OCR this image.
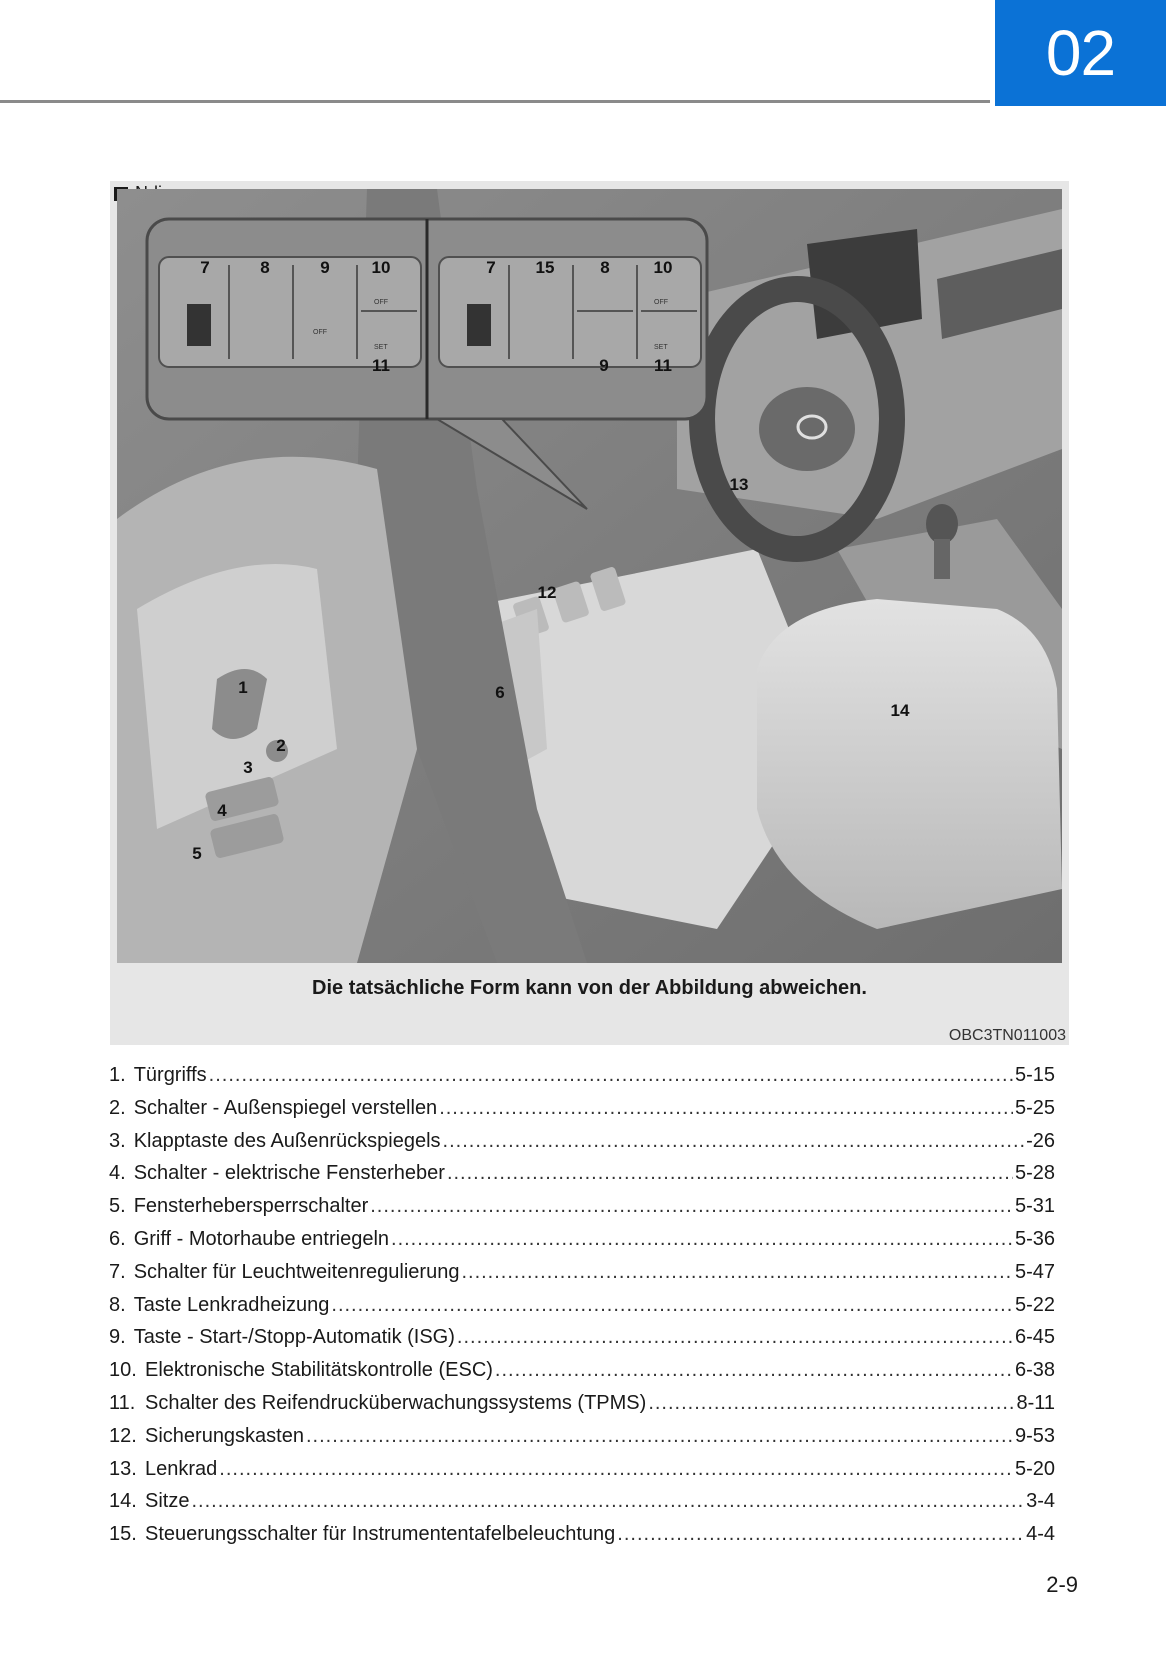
02
OFF
SET
OFF
OFF
SET
7	8	9 10
11
7 15	8	10
9	11
1
2
3
4
5
6
12
13
14
Die tatsächliche Form kann von der Abbildung abweichen.
OBC3TN011003
1. Türgriffs .....	5-15
2. Schalter - Außenspiegel verstellen .....	5-25
3. Klapptaste des Außenrückspiegels .....	-26
4. Schalter - elektrische Fensterheber .....	5-28
5. Fensterhebersperrschalter .....	5-31
6. Griff - Motorhaube entriegeln .....	5-36
7. Schalter für Leuchtweitenregulierung .....	5-47
8. Taste Lenkradheizung .....	5-22
9. Taste - Start-/Stopp-Automatik (ISG) .....	6-45
10. Elektronische Stabilitätskontrolle (ESC) .....	6-38
11. Schalter des Reifendrucküberwachungssystems (TPMS) .....	8-11
12. Sicherungskasten .....	9-53
13. Lenkrad .....	5-20
14. Sitze .....	3-4
15. Steuerungsschalter für Instrumententafelbeleuchtung .....	4-4
2-9
